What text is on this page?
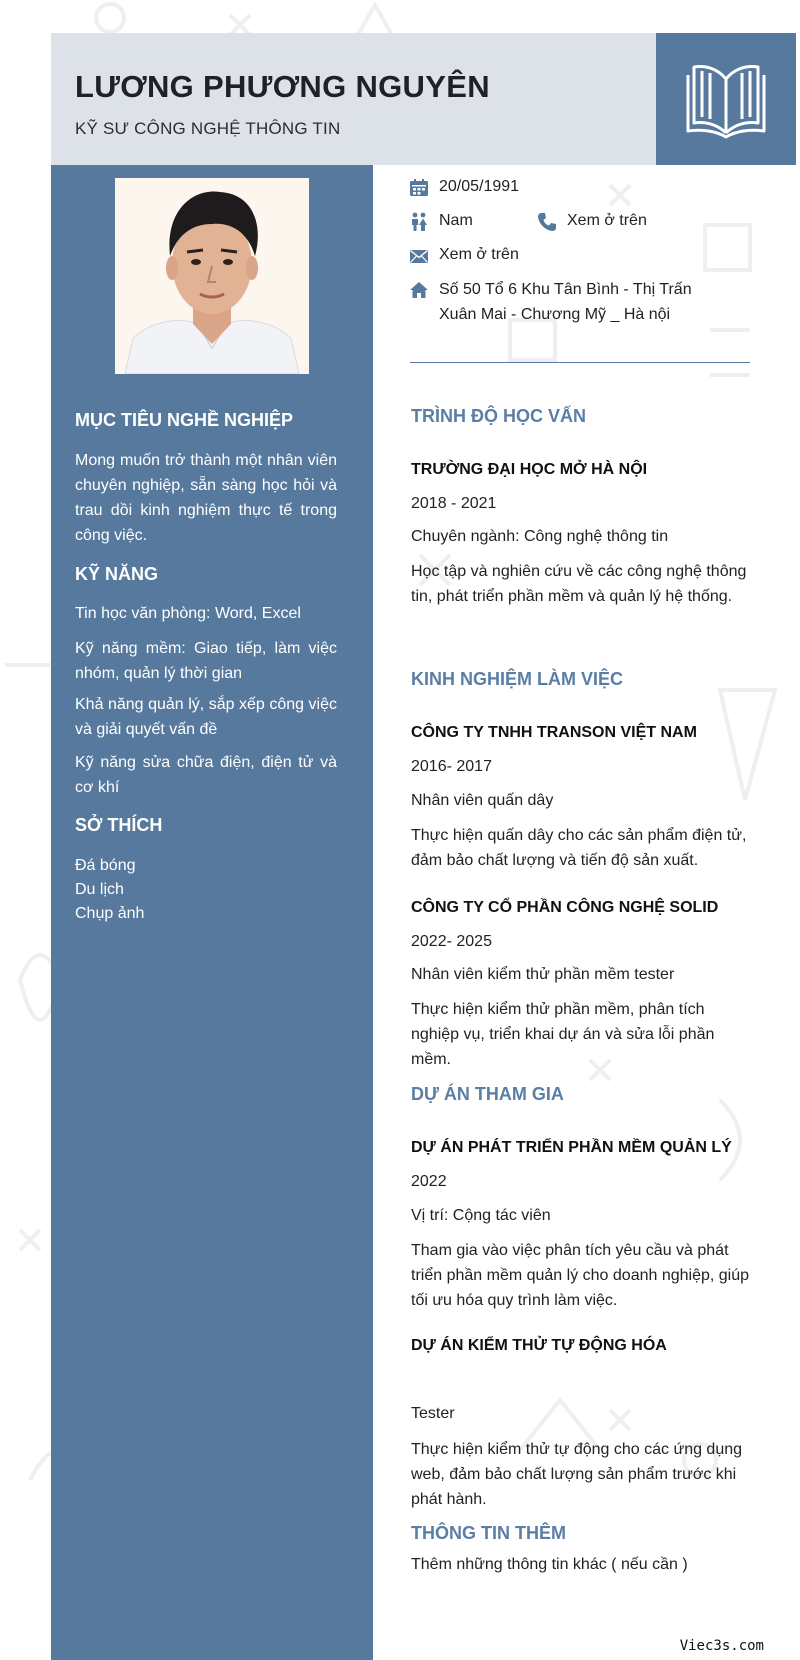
LƯƠNG PHƯƠNG NGUYÊN
KỸ SƯ CÔNG NGHỆ THÔNG TIN
MỤC TIÊU NGHỀ NGHIỆP
Mong muốn trở thành một nhân viên chuyên nghiệp, sẵn sàng học hỏi và trau dồi kinh nghiệm thực tế trong công việc.
KỸ NĂNG
Tin học văn phòng: Word, Excel
Kỹ năng mềm: Giao tiếp, làm việc nhóm, quản lý thời gian
Khả năng quản lý, sắp xếp công việc và giải quyết vấn đề
Kỹ năng sửa chữa điện, điện tử và cơ khí
SỞ THÍCH
Đá bóng
Du lịch
Chụp ảnh
20/05/1991
Nam	Xem ở trên
Xem ở trên
Số 50 Tổ 6 Khu Tân Bình - Thị Trấn Xuân Mai - Chương Mỹ _ Hà nội
TRÌNH ĐỘ HỌC VẤN
TRƯỜNG ĐẠI HỌC MỞ HÀ NỘI
2018 - 2021
Chuyên ngành: Công nghệ thông tin
Học tập và nghiên cứu về các công nghệ thông tin, phát triển phần mềm và quản lý hệ thống.
KINH NGHIỆM LÀM VIỆC
CÔNG TY TNHH TRANSON VIỆT NAM
2016- 2017
Nhân viên quấn dây
Thực hiện quấn dây cho các sản phẩm điện tử, đảm bảo chất lượng và tiến độ sản xuất.
CÔNG TY CỔ PHẦN CÔNG NGHỆ SOLID
2022- 2025
Nhân viên kiểm thử phần mềm tester
Thực hiện kiểm thử phần mềm, phân tích nghiệp vụ, triển khai dự án và sửa lỗi phần mềm.
DỰ ÁN THAM GIA
DỰ ÁN PHÁT TRIỂN PHẦN MỀM QUẢN LÝ
2022
Vị trí: Cộng tác viên
Tham gia vào việc phân tích yêu cầu và phát triển phần mềm quản lý cho doanh nghiệp, giúp tối ưu hóa quy trình làm việc.
DỰ ÁN KIỂM THỬ TỰ ĐỘNG HÓA
Tester
Thực hiện kiểm thử tự động cho các ứng dụng web, đảm bảo chất lượng sản phẩm trước khi phát hành.
THÔNG TIN THÊM
Thêm những thông tin khác ( nếu cần )
Viec3s.com
